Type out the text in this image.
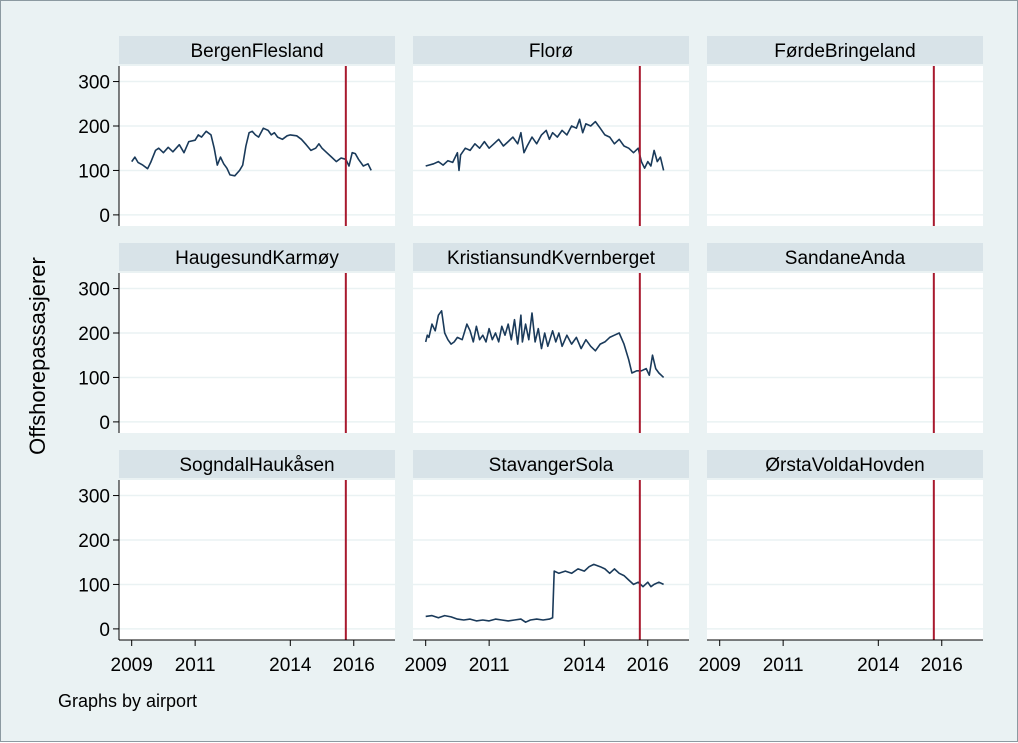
BergenFlesland
0
100
200
300
Florø	FørdeBringeland
HaugesundKarmøy
0
100
200
300
KristiansundKvernberget	SandaneAnda
SogndalHaukåsen
0
100
200
300
2009 2011	2014 2016
StavangerSola
2009 2011	2014 2016
ØrstaVoldaHovden
2009 2011	2014 2016
Offshorepassasjerer
Graphs by airport
